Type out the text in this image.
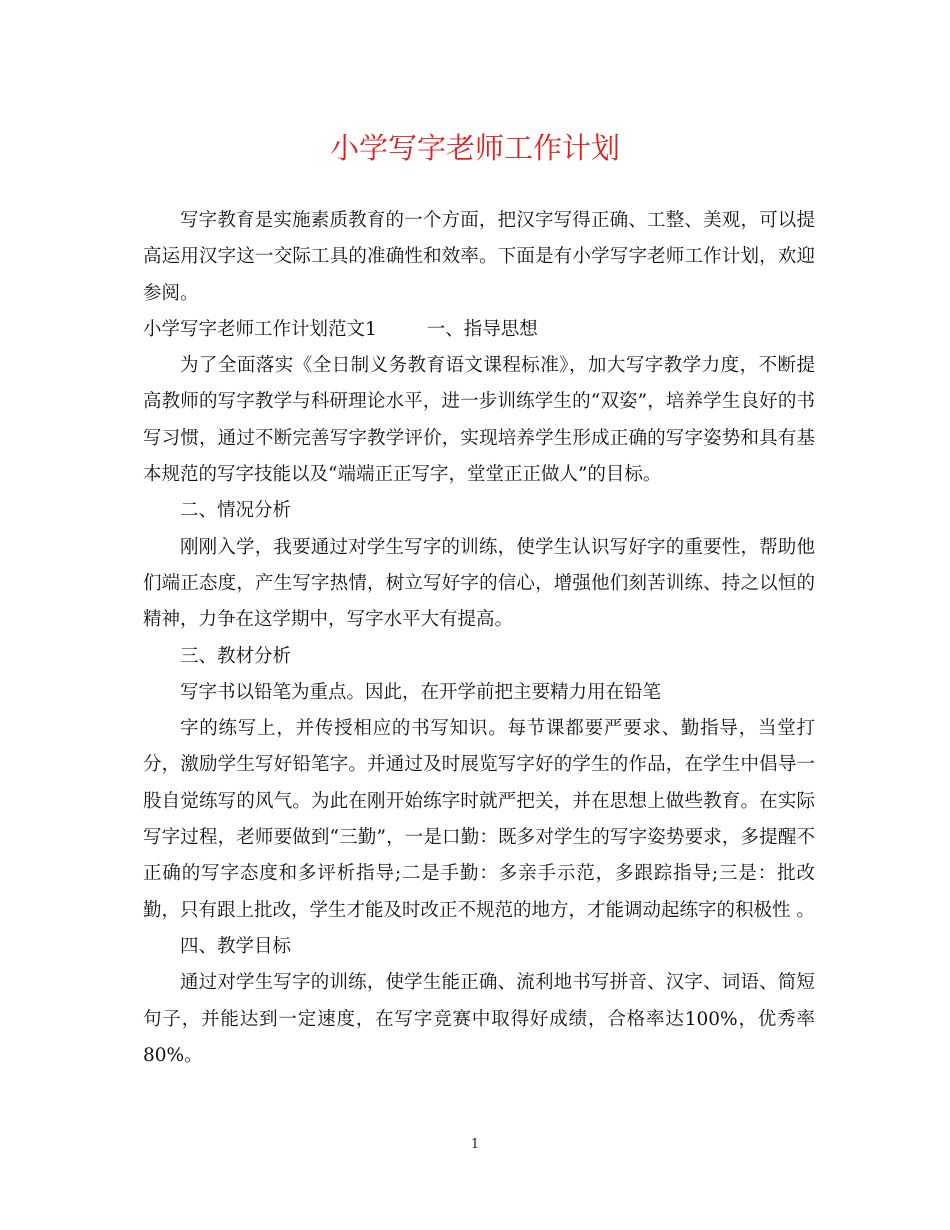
小学写字老师工作计划

写字教育是实施素质教育的一个方面，把汉字写得正确、工整、美观，可以提高运用汉字这一交际工具的准确性和效率。下面是有小学写字老师工作计划，欢迎参阅。

小学写字老师工作计划范文1	一、指导思想

为了全面落实《全日制义务教育语文课程标准》，加大写字教学力度，不断提高教师的写字教学与科研理论水平，进一步训练学生的“双姿”，培养学生良好的书写习惯，通过不断完善写字教学评价，实现培养学生形成正确的写字姿势和具有基本规范的写字技能以及“端端正正写字，堂堂正正做人”的目标。

二、情况分析

刚刚入学，我要通过对学生写字的训练，使学生认识写好字的重要性，帮助他们端正态度，产生写字热情，树立写好字的信心，增强他们刻苦训练、持之以恒的精神，力争在这学期中，写字水平大有提高。

三、教材分析

写字书以铅笔为重点。因此，在开学前把主要精力用在铅笔

字的练写上，并传授相应的书写知识。每节课都要严要求、勤指导，当堂打分，激励学生写好铅笔字。并通过及时展览写字好的学生的作品，在学生中倡导一股自觉练写的风气。为此在刚开始练字时就严把关，并在思想上做些教育。在实际写字过程，老师要做到“三勤”，一是口勤：既多对学生的写字姿势要求，多提醒不正确的写字态度和多评析指导;二是手勤：多亲手示范，多跟踪指导;三是：批改勤，只有跟上批改，学生才能及时改正不规范的地方，才能调动起练字的积极性 。

四、教学目标

通过对学生写字的训练，使学生能正确、流利地书写拼音、汉字、词语、简短句子，并能达到一定速度，在写字竞赛中取得好成绩，合格率达100%，优秀率80%。

1
